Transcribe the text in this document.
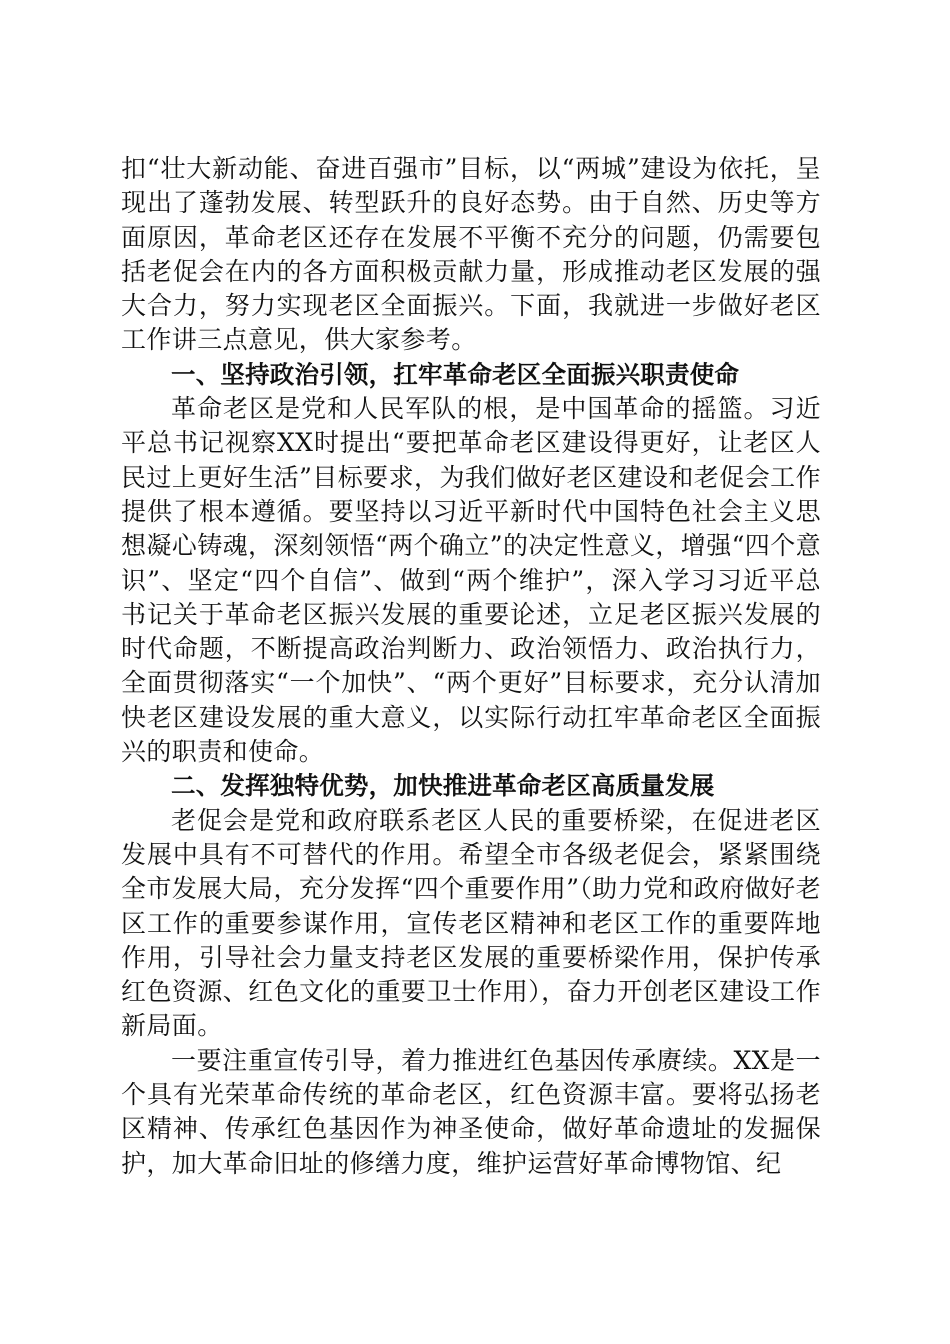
扣“壮大新动能、奋进百强市”目标，以“两城”建设为依托，呈现出了蓬勃发展、转型跃升的良好态势。由于自然、历史等方面原因，革命老区还存在发展不平衡不充分的问题，仍需要包括老促会在内的各方面积极贡献力量，形成推动老区发展的强大合力，努力实现老区全面振兴。下面，我就进一步做好老区工作讲三点意见，供大家参考。

一、坚持政治引领，扛牢革命老区全面振兴职责使命

革命老区是党和人民军队的根，是中国革命的摇篮。习近平总书记视察XX时提出“要把革命老区建设得更好，让老区人民过上更好生活”目标要求，为我们做好老区建设和老促会工作提供了根本遵循。要坚持以习近平新时代中国特色社会主义思想凝心铸魂，深刻领悟“两个确立”的决定性意义，增强“四个意识”、坚定“四个自信”、做到“两个维护”，深入学习习近平总书记关于革命老区振兴发展的重要论述，立足老区振兴发展的时代命题，不断提高政治判断力、政治领悟力、政治执行力，全面贯彻落实“一个加快”、“两个更好”目标要求，充分认清加快老区建设发展的重大意义，以实际行动扛牢革命老区全面振兴的职责和使命。

二、发挥独特优势，加快推进革命老区高质量发展

老促会是党和政府联系老区人民的重要桥梁，在促进老区发展中具有不可替代的作用。希望全市各级老促会，紧紧围绕全市发展大局，充分发挥“四个重要作用”（助力党和政府做好老区工作的重要参谋作用，宣传老区精神和老区工作的重要阵地作用，引导社会力量支持老区发展的重要桥梁作用，保护传承红色资源、红色文化的重要卫士作用），奋力开创老区建设工作新局面。

一要注重宣传引导，着力推进红色基因传承赓续。XX是一个具有光荣革命传统的革命老区，红色资源丰富。要将弘扬老区精神、传承红色基因作为神圣使命，做好革命遗址的发掘保护，加大革命旧址的修缮力度，维护运营好革命博物馆、纪
